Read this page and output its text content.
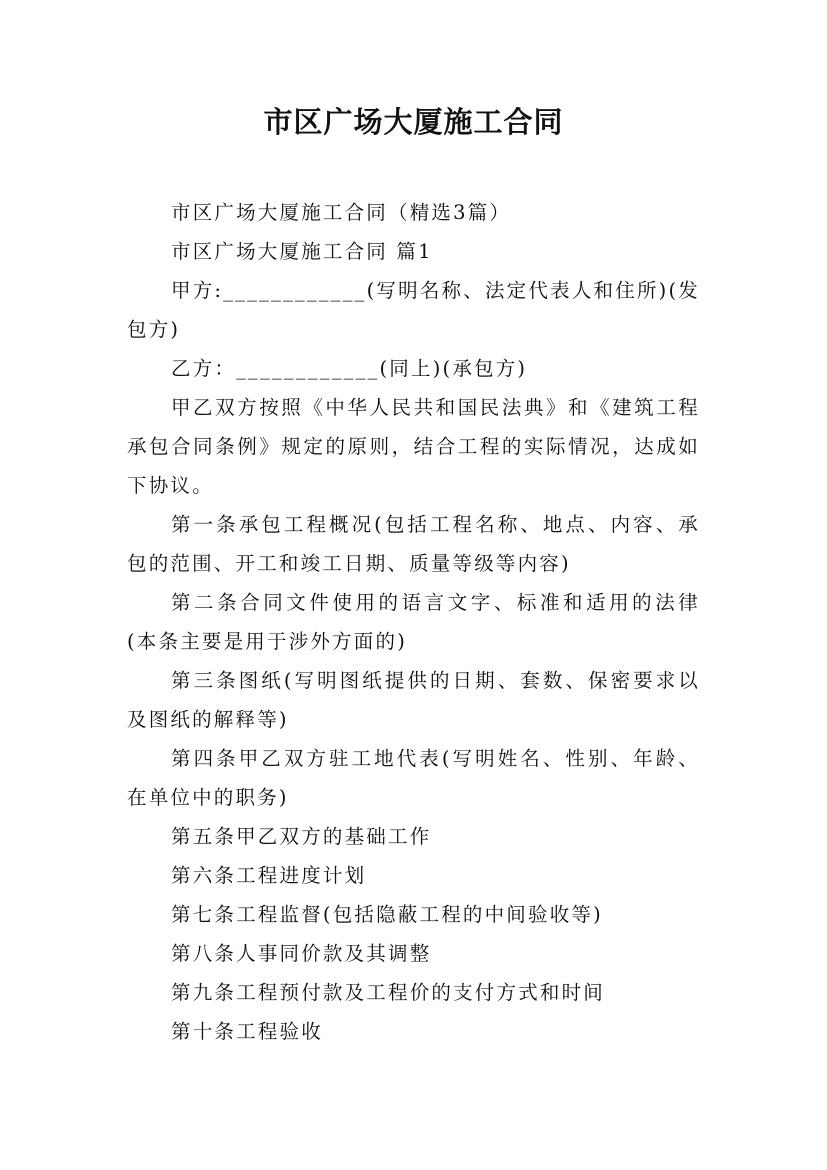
市区广场大厦施工合同

市区广场大厦施工合同（精选3篇）

市区广场大厦施工合同 篇1

甲方:____________(写明名称、法定代表人和住所)(发包方)

乙方：____________(同上)(承包方)

甲乙双方按照《中华人民共和国民法典》和《建筑工程承包合同条例》规定的原则，结合工程的实际情况，达成如下协议。

第一条承包工程概况(包括工程名称、地点、内容、承包的范围、开工和竣工日期、质量等级等内容)

第二条合同文件使用的语言文字、标准和适用的法律(本条主要是用于涉外方面的)

第三条图纸(写明图纸提供的日期、套数、保密要求以及图纸的解释等)

第四条甲乙双方驻工地代表(写明姓名、性别、年龄、在单位中的职务)

第五条甲乙双方的基础工作

第六条工程进度计划

第七条工程监督(包括隐蔽工程的中间验收等)

第八条人事同价款及其调整

第九条工程预付款及工程价的支付方式和时间

第十条工程验收
